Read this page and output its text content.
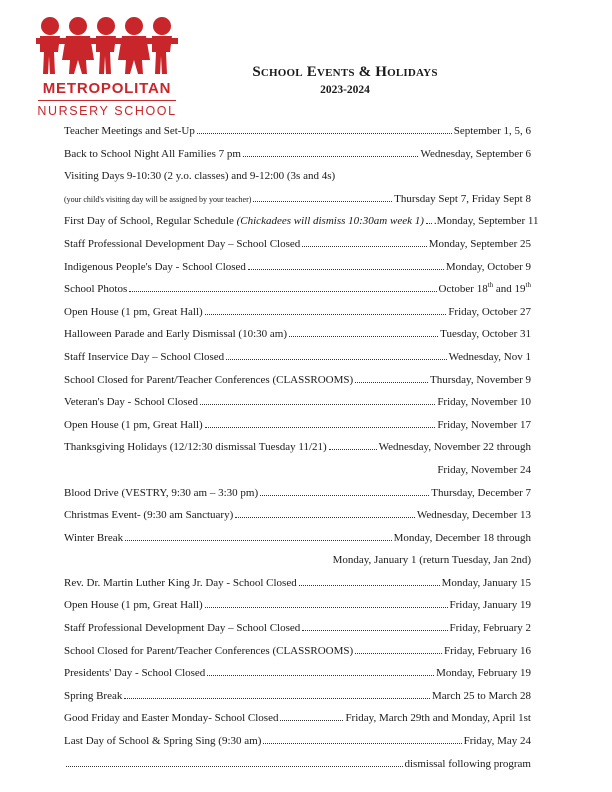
METROPOLITAN
NURSERY SCHOOL
School Events & Holidays
2023-2024
Teacher Meetings and Set-Up	September 1, 5, 6
Back to School Night All Families 7 pm	Wednesday, September 6
Visiting Days 9-10:30 (2 y.o. classes) and 9-12:00 (3s and 4s)
(your child's visiting day will be assigned by your teacher)	Thursday Sept 7, Friday Sept 8
First Day of School, Regular Schedule (Chickadees will dismiss 10:30am week 1) .Monday, September 11
Staff Professional Development Day – School Closed	Monday, September 25
Indigenous People's Day - School Closed	Monday, October 9
School Photos	October 18th and 19th
Open House (1 pm, Great Hall)	Friday, October 27
Halloween Parade and Early Dismissal (10:30 am)	Tuesday, October 31
Staff Inservice Day – School Closed	Wednesday, Nov 1
School Closed for Parent/Teacher Conferences (CLASSROOMS)	Thursday, November 9
Veteran's Day - School Closed	Friday, November 10
Open House (1 pm, Great Hall)	Friday, November 17
Thanksgiving Holidays (12/12:30 dismissal Tuesday 11/21)	Wednesday, November 22 through
Friday, November 24
Blood Drive (VESTRY, 9:30 am – 3:30 pm)	Thursday, December 7
Christmas Event- (9:30 am Sanctuary)	Wednesday, December 13
Winter Break	Monday, December 18 through
Monday, January 1 (return Tuesday, Jan 2nd)
Rev. Dr. Martin Luther King Jr. Day - School Closed	Monday, January 15
Open House (1 pm, Great Hall)	Friday, January 19
Staff Professional Development Day – School Closed	Friday, February 2
School Closed for Parent/Teacher Conferences (CLASSROOMS)	Friday, February 16
Presidents' Day - School Closed	Monday, February 19
Spring Break	March 25 to March 28
Good Friday and Easter Monday- School Closed	Friday, March 29th and Monday, April 1st
Last Day of School & Spring Sing (9:30 am)	Friday, May 24
dismissal following program
